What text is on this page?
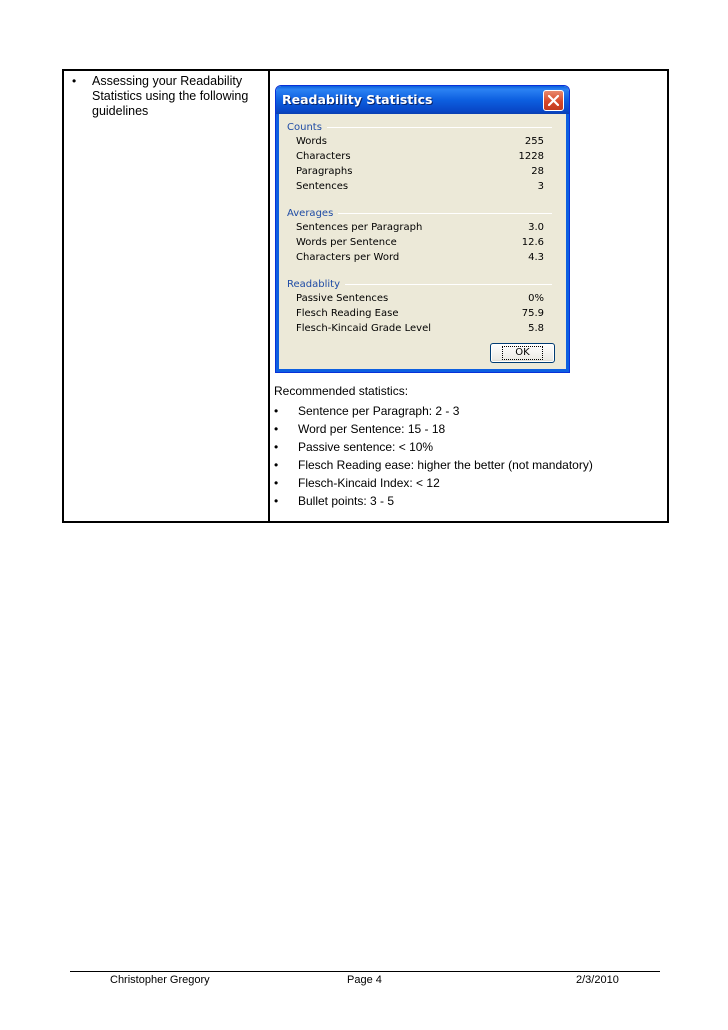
•	Assessing your Readability Statistics using the following guidelines
Readability Statistics
Counts
Words	255
Characters	1228
Paragraphs	28
Sentences	3
Averages
Sentences per Paragraph	3.0
Words per Sentence	12.6
Characters per Word	4.3
Readablity
Passive Sentences	0%
Flesch Reading Ease	75.9
Flesch-Kincaid Grade Level	5.8
OK
Recommended statistics:
•	Sentence per Paragraph: 2 - 3
•	Word per Sentence: 15 - 18
•	Passive sentence: < 10%
•	Flesch Reading ease: higher the better (not mandatory)
•	Flesch-Kincaid Index: < 12
•	Bullet points: 3 - 5
Christopher Gregory	Page 4	2/3/2010
